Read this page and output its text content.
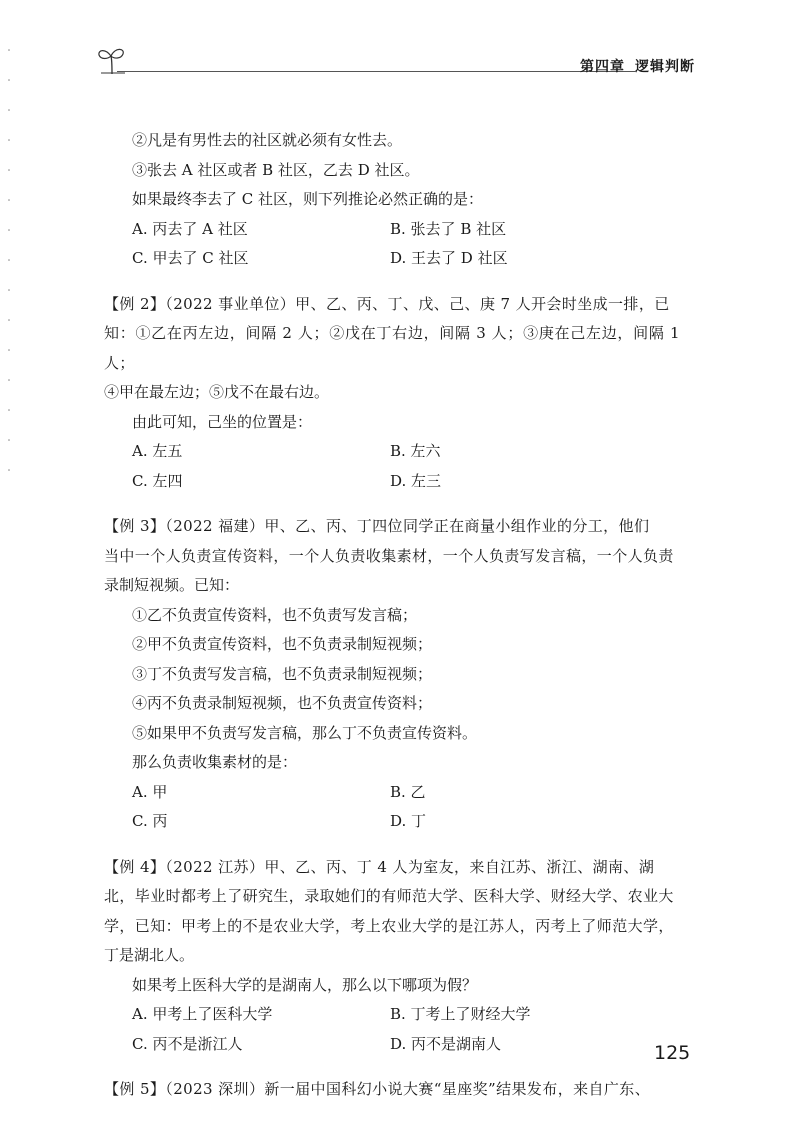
第四章 逻辑判断

②凡是有男性去的社区就必须有女性去。

③张去 A 社区或者 B 社区，乙去 D 社区。

如果最终李去了 C 社区，则下列推论必然正确的是：

A. 丙去了 A 社区	B. 张去了 B 社区
C. 甲去了 C 社区	D. 王去了 D 社区

【例 2】（2022 事业单位）甲、乙、丙、丁、戊、己、庚 7 人开会时坐成一排，已

知：①乙在丙左边，间隔 2 人；②戊在丁右边，间隔 3 人；③庚在己左边，间隔 1 人；

④甲在最左边；⑤戊不在最右边。

由此可知，己坐的位置是：

A. 左五	B. 左六
C. 左四	D. 左三

【例 3】（2022 福建）甲、乙、丙、丁四位同学正在商量小组作业的分工，他们

当中一个人负责宣传资料，一个人负责收集素材，一个人负责写发言稿，一个人负责

录制短视频。已知：

①乙不负责宣传资料，也不负责写发言稿；

②甲不负责宣传资料，也不负责录制短视频；

③丁不负责写发言稿，也不负责录制短视频；

④丙不负责录制短视频，也不负责宣传资料；

⑤如果甲不负责写发言稿，那么丁不负责宣传资料。

那么负责收集素材的是：

A. 甲	B. 乙
C. 丙	D. 丁

【例 4】（2022 江苏）甲、乙、丙、丁 4 人为室友，来自江苏、浙江、湖南、湖

北，毕业时都考上了研究生，录取她们的有师范大学、医科大学、财经大学、农业大

学，已知：甲考上的不是农业大学，考上农业大学的是江苏人，丙考上了师范大学，

丁是湖北人。

如果考上医科大学的是湖南人，那么以下哪项为假？

A. 甲考上了医科大学	B. 丁考上了财经大学
C. 丙不是浙江人	D. 丙不是湖南人

【例 5】（2023 深圳）新一届中国科幻小说大赛“星座奖”结果发布，来自广东、

125
